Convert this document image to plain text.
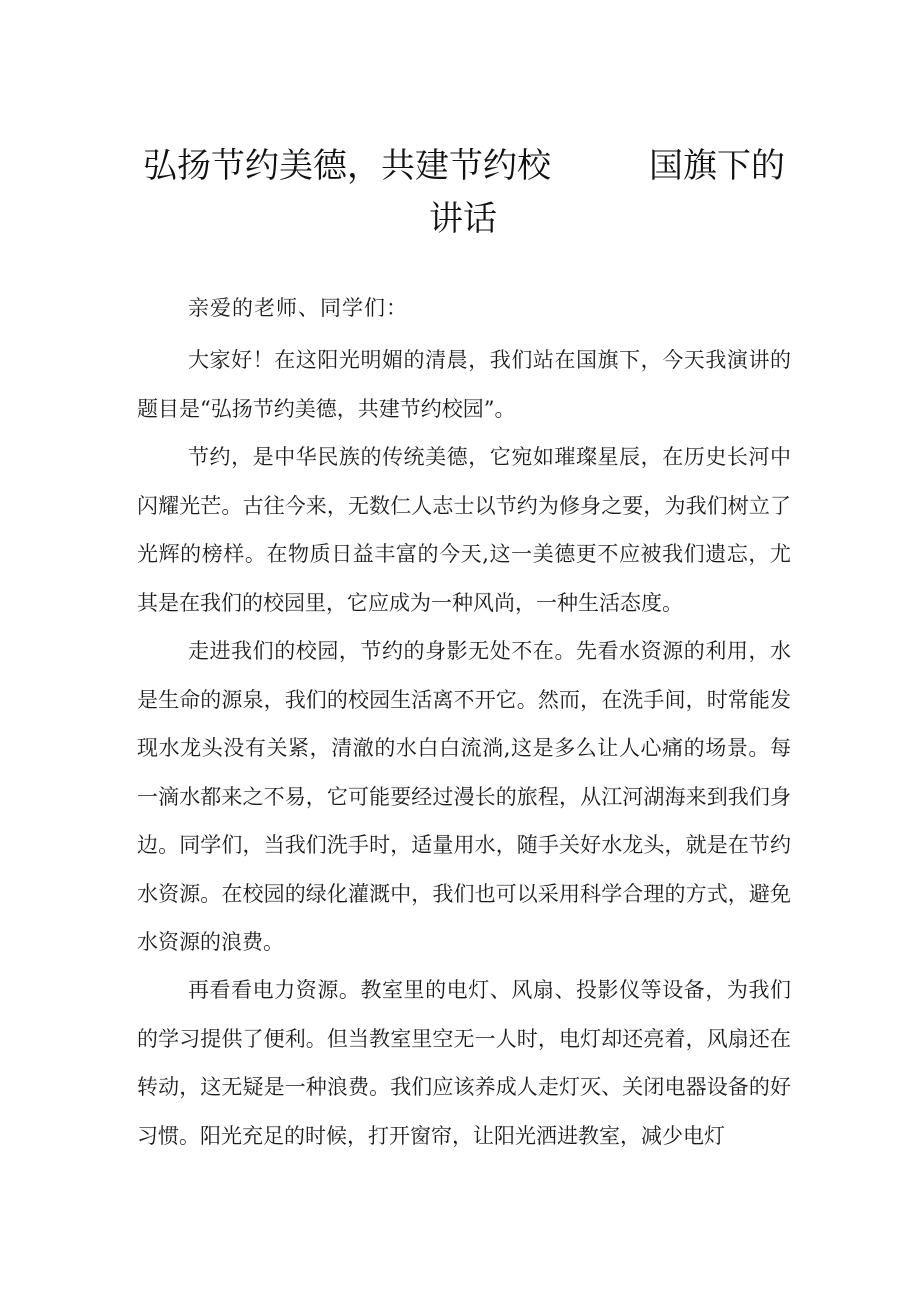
弘扬节约美德，共建节约校	国旗下的
讲话
亲爱的老师、同学们：

大家好！在这阳光明媚的清晨，我们站在国旗下，今天我演讲的题目是“弘扬节约美德，共建节约校园”。

节约，是中华民族的传统美德，它宛如璀璨星辰，在历史长河中闪耀光芒。古往今来，无数仁人志士以节约为修身之要，为我们树立了光辉的榜样。在物质日益丰富的今天,这一美德更不应被我们遗忘，尤其是在我们的校园里，它应成为一种风尚，一种生活态度。

走进我们的校园，节约的身影无处不在。先看水资源的利用，水是生命的源泉，我们的校园生活离不开它。然而，在洗手间，时常能发现水龙头没有关紧，清澈的水白白流淌,这是多么让人心痛的场景。每一滴水都来之不易，它可能要经过漫长的旅程，从江河湖海来到我们身边。同学们，当我们洗手时，适量用水，随手关好水龙头，就是在节约水资源。在校园的绿化灌溉中，我们也可以采用科学合理的方式，避免水资源的浪费。

再看看电力资源。教室里的电灯、风扇、投影仪等设备，为我们的学习提供了便利。但当教室里空无一人时，电灯却还亮着，风扇还在转动，这无疑是一种浪费。我们应该养成人走灯灭、关闭电器设备的好习惯。阳光充足的时候，打开窗帘，让阳光洒进教室，减少电灯
